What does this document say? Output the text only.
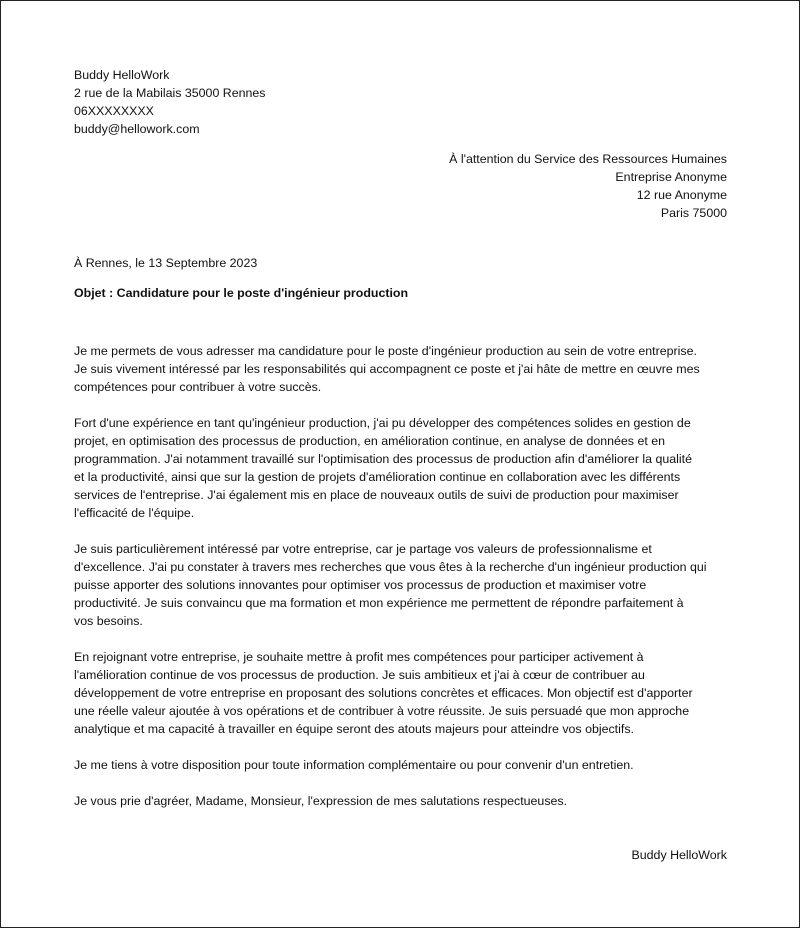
Buddy HelloWork
2 rue de la Mabilais 35000 Rennes
06XXXXXXXX
buddy@hellowork.com
À l'attention du Service des Ressources Humaines
Entreprise Anonyme
12 rue Anonyme
Paris 75000
À Rennes, le 13 Septembre 2023
Objet : Candidature pour le poste d'ingénieur production

Je me permets de vous adresser ma candidature pour le poste d'ingénieur production au sein de votre entreprise.
Je suis vivement intéressé par les responsabilités qui accompagnent ce poste et j'ai hâte de mettre en œuvre mes
compétences pour contribuer à votre succès.

Fort d'une expérience en tant qu'ingénieur production, j'ai pu développer des compétences solides en gestion de
projet, en optimisation des processus de production, en amélioration continue, en analyse de données et en
programmation. J'ai notamment travaillé sur l'optimisation des processus de production afin d'améliorer la qualité
et la productivité, ainsi que sur la gestion de projets d'amélioration continue en collaboration avec les différents
services de l'entreprise. J'ai également mis en place de nouveaux outils de suivi de production pour maximiser
l'efficacité de l'équipe.

Je suis particulièrement intéressé par votre entreprise, car je partage vos valeurs de professionnalisme et
d'excellence. J'ai pu constater à travers mes recherches que vous êtes à la recherche d'un ingénieur production qui
puisse apporter des solutions innovantes pour optimiser vos processus de production et maximiser votre
productivité. Je suis convaincu que ma formation et mon expérience me permettent de répondre parfaitement à
vos besoins.

En rejoignant votre entreprise, je souhaite mettre à profit mes compétences pour participer activement à
l'amélioration continue de vos processus de production. Je suis ambitieux et j'ai à cœur de contribuer au
développement de votre entreprise en proposant des solutions concrètes et efficaces. Mon objectif est d'apporter
une réelle valeur ajoutée à vos opérations et de contribuer à votre réussite. Je suis persuadé que mon approche
analytique et ma capacité à travailler en équipe seront des atouts majeurs pour atteindre vos objectifs.

Je me tiens à votre disposition pour toute information complémentaire ou pour convenir d'un entretien.

Je vous prie d'agréer, Madame, Monsieur, l'expression de mes salutations respectueuses.

Buddy HelloWork
